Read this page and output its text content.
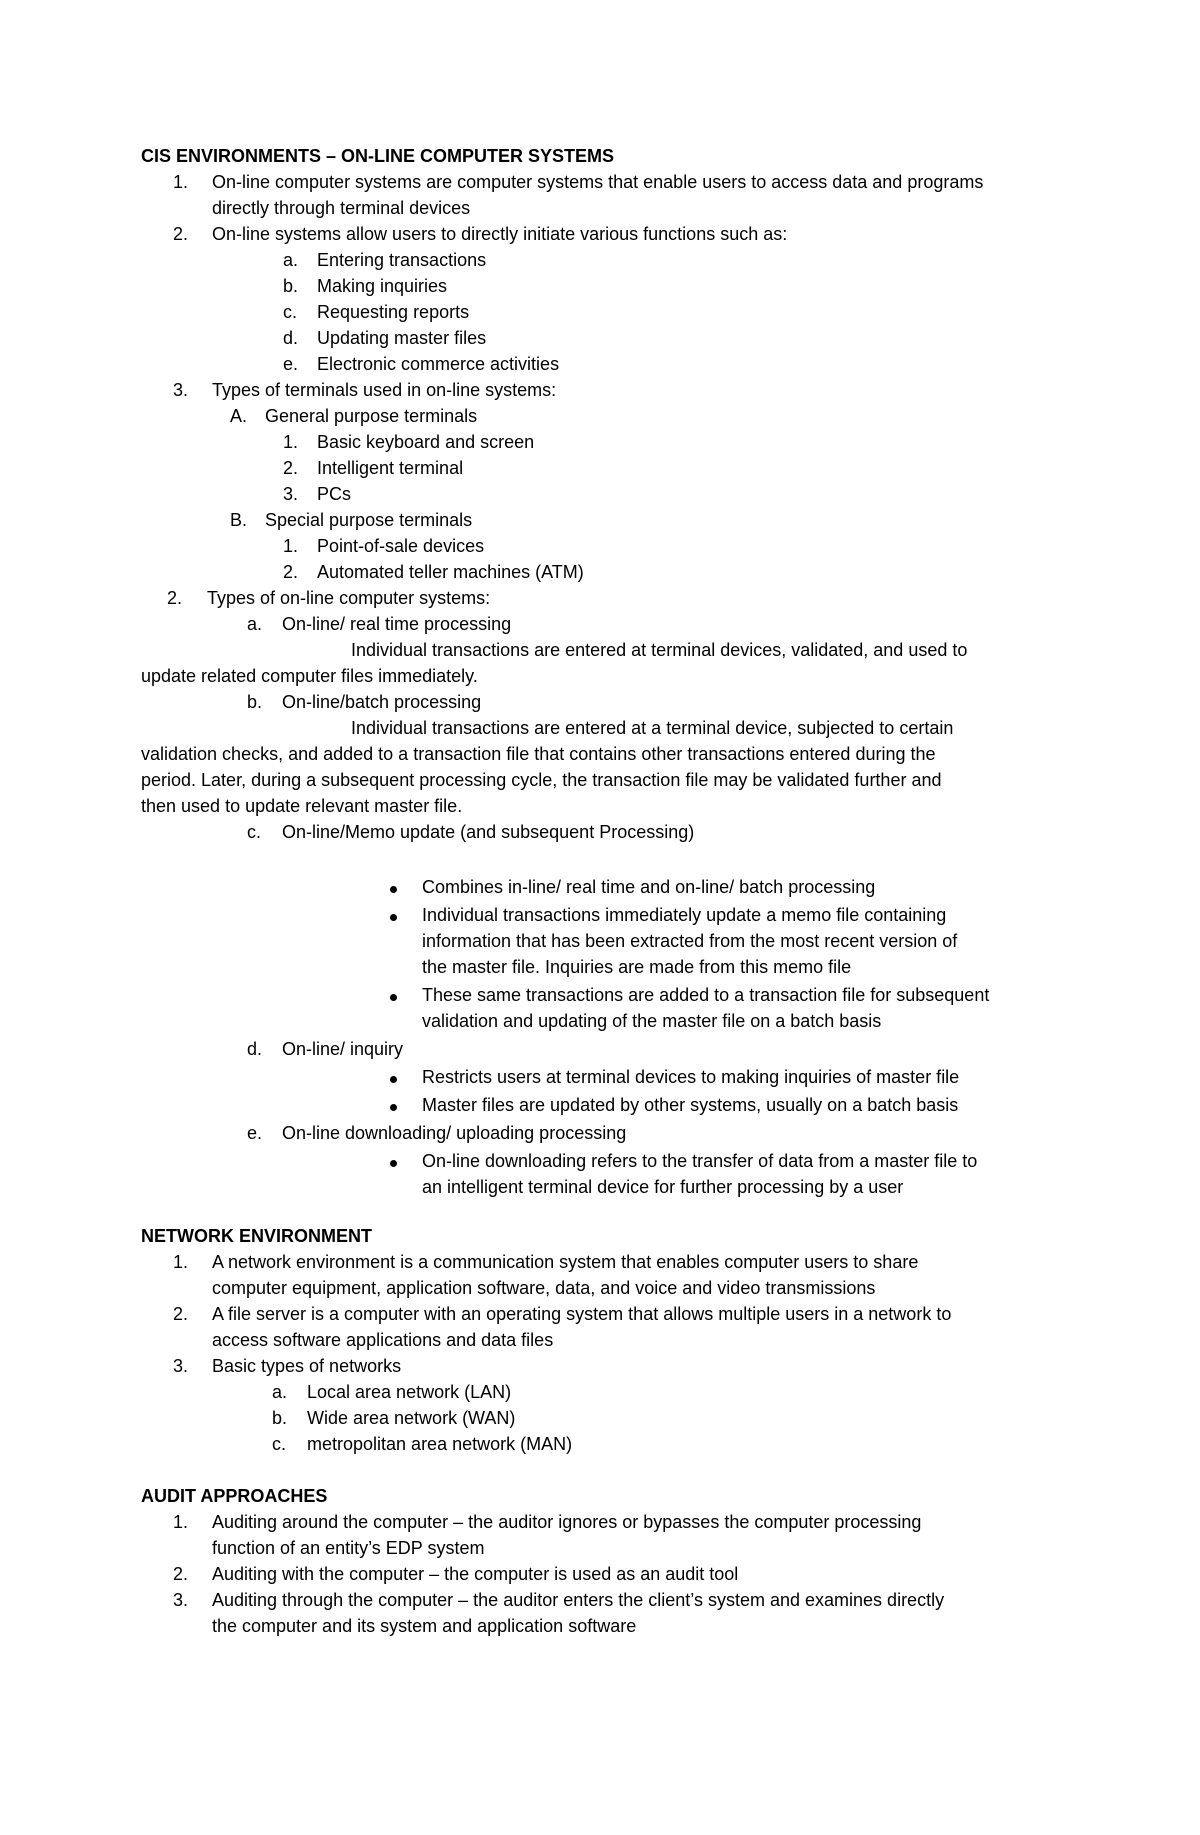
CIS ENVIRONMENTS – ON-LINE COMPUTER SYSTEMS
1. On-line computer systems are computer systems that enable users to access data and programs
directly through terminal devices
2. On-line systems allow users to directly initiate various functions such as:
a. Entering transactions
b. Making inquiries
c. Requesting reports
d. Updating master files
e. Electronic commerce activities
3. Types of terminals used in on-line systems:
A. General purpose terminals
1. Basic keyboard and screen
2. Intelligent terminal
3. PCs
B. Special purpose terminals
1. Point-of-sale devices
2. Automated teller machines (ATM)
2. Types of on-line computer systems:
a. On-line/ real time processing
Individual transactions are entered at terminal devices, validated, and used to
update related computer files immediately.
b. On-line/batch processing
Individual transactions are entered at a terminal device, subjected to certain
validation checks, and added to a transaction file that contains other transactions entered during the
period. Later, during a subsequent processing cycle, the transaction file may be validated further and
then used to update relevant master file.
c. On-line/Memo update (and subsequent Processing)
Combines in-line/ real time and on-line/ batch processing
Individual transactions immediately update a memo file containing
information that has been extracted from the most recent version of
the master file. Inquiries are made from this memo file
These same transactions are added to a transaction file for subsequent
validation and updating of the master file on a batch basis
d. On-line/ inquiry
Restricts users at terminal devices to making inquiries of master file
Master files are updated by other systems, usually on a batch basis
e. On-line downloading/ uploading processing
On-line downloading refers to the transfer of data from a master file to
an intelligent terminal device for further processing by a user
NETWORK ENVIRONMENT
1. A network environment is a communication system that enables computer users to share
computer equipment, application software, data, and voice and video transmissions
2. A file server is a computer with an operating system that allows multiple users in a network to
access software applications and data files
3. Basic types of networks
a. Local area network (LAN)
b. Wide area network (WAN)
c. metropolitan area network (MAN)
AUDIT APPROACHES
1. Auditing around the computer – the auditor ignores or bypasses the computer processing
function of an entity’s EDP system
2. Auditing with the computer – the computer is used as an audit tool
3. Auditing through the computer – the auditor enters the client’s system and examines directly
the computer and its system and application software
